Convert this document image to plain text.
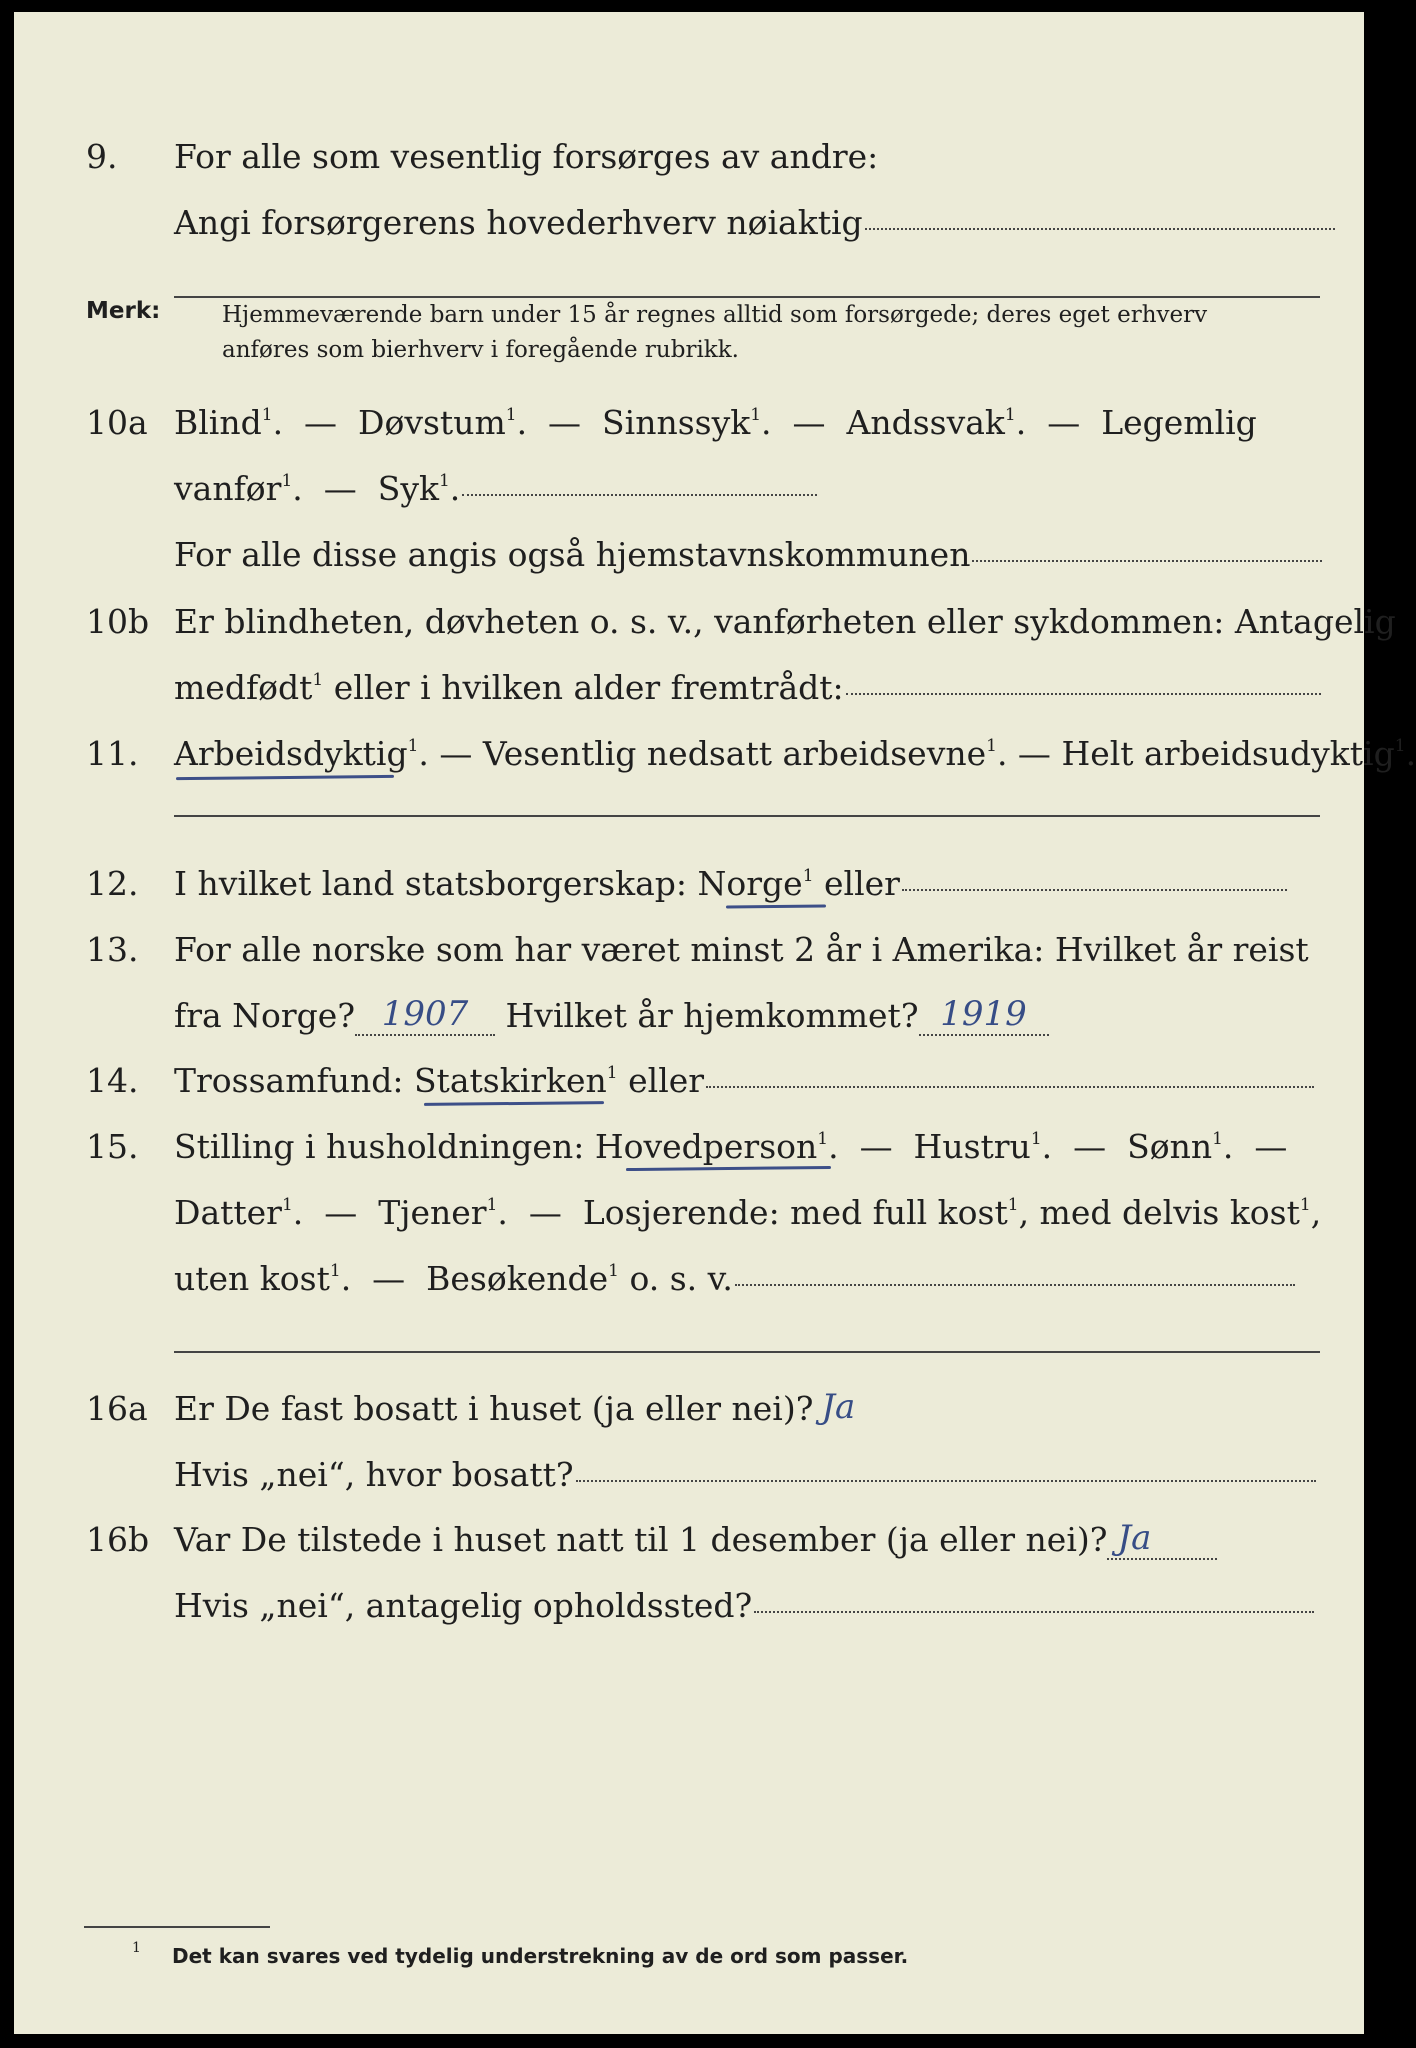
9. For alle som vesentlig forsørges av andre:
Angi forsørgerens hovederhverv nøiaktig
Merk:	Hjemmeværende barn under 15 år regnes alltid som forsørgede; deres eget erhverv
anføres som bierhverv i foregående rubrikk.
10a Blind$^1$.  —  Døvstum$^1$.  —  Sinnssyk$^1$.  —  Andssvak$^1$.  —  Legemlig
vanfør$^1$.  —  Syk$^1$.
For alle disse angis også hjemstavnskommunen
10b Er blindheten, døvheten o. s. v., vanførheten eller sykdommen: Antagelig
medfødt$^1$ eller i hvilken alder fremtrådt:
11. Arbeidsdyktig$^1$. — Vesentlig nedsatt arbeidsevne$^1$. — Helt arbeidsudyktig$^1$.
12. I hvilket land statsborgerskap: Norge$^1$ eller
13. For alle norske som har været minst 2 år i Amerika: Hvilket år reist
fra Norge? 1907 Hvilket år hjemkommet? 1919
14. Trossamfund: Statskirken$^1$ eller
15. Stilling i husholdningen: Hovedperson$^1$.  —  Hustru$^1$.  —  Sønn$^1$.  —
Datter$^1$.  —  Tjener$^1$.  —  Losjerende: med full kost$^1$, med delvis kost$^1$,
uten kost$^1$.  —  Besøkende$^1$ o. s. v.
16a Er De fast bosatt i huset (ja eller nei)? Ja
Hvis „nei“, hvor bosatt?
16b Var De tilstede i huset natt til 1 desember (ja eller nei)? Ja
Hvis „nei“, antagelig opholdssted?
1 Det kan svares ved tydelig understrekning av de ord som passer.
